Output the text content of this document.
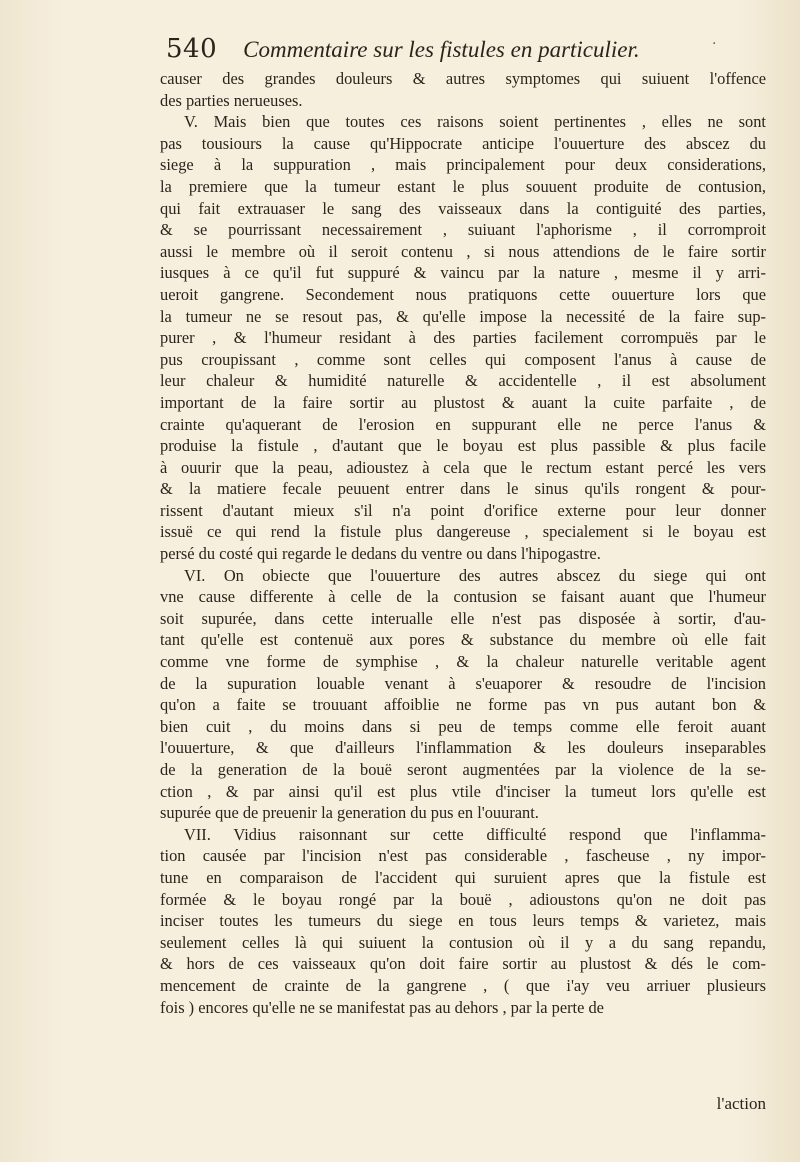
·
540 Commentaire sur les fistules en particulier.
causer des grandes douleurs & autres symptomes qui suiuent l'offence
des parties nerueuses.
V. Mais bien que toutes ces raisons soient pertinentes , elles ne sont
pas tousiours la cause qu'Hippocrate anticipe l'ouuerture des abscez du
siege à la suppuration , mais principalement pour deux considerations,
la premiere que la tumeur estant le plus souuent produite de contusion,
qui fait extrauaser le sang des vaisseaux dans la contiguité des parties,
& se pourrissant necessairement , suiuant l'aphorisme , il corromproit
aussi le membre où il seroit contenu , si nous attendions de le faire sortir
iusques à ce qu'il fut suppuré & vaincu par la nature , mesme il y arri-
ueroit gangrene. Secondement nous pratiquons cette ouuerture lors que
la tumeur ne se resout pas, & qu'elle impose la necessité de la faire sup-
purer , & l'humeur residant à des parties facilement corrompuës par le
pus croupissant , comme sont celles qui composent l'anus à cause de
leur chaleur & humidité naturelle & accidentelle , il est absolument
important de la faire sortir au plustost & auant la cuite parfaite , de
crainte qu'aquerant de l'erosion en suppurant elle ne perce l'anus &
produise la fistule , d'autant que le boyau est plus passible & plus facile
à ouurir que la peau, adioustez à cela que le rectum estant percé les vers
& la matiere fecale peuuent entrer dans le sinus qu'ils rongent & pour-
rissent d'autant mieux s'il n'a point d'orifice externe pour leur donner
issuë ce qui rend la fistule plus dangereuse , specialement si le boyau est
persé du costé qui regarde le dedans du ventre ou dans l'hipogastre.
VI. On obiecte que l'ouuerture des autres abscez du siege qui ont
vne cause differente à celle de la contusion se faisant auant que l'humeur
soit supurée, dans cette interualle elle n'est pas disposée à sortir, d'au-
tant qu'elle est contenuë aux pores & substance du membre où elle fait
comme vne forme de symphise , & la chaleur naturelle veritable agent
de la supuration louable venant à s'euaporer & resoudre de l'incision
qu'on a faite se trouuant affoiblie ne forme pas vn pus autant bon &
bien cuit , du moins dans si peu de temps comme elle feroit auant
l'ouuerture, & que d'ailleurs l'inflammation & les douleurs inseparables
de la generation de la bouë seront augmentées par la violence de la se-
ction , & par ainsi qu'il est plus vtile d'inciser la tumeut lors qu'elle est
supurée que de preuenir la generation du pus en l'ouurant.
VII. Vidius raisonnant sur cette difficulté respond que l'inflamma-
tion causée par l'incision n'est pas considerable , fascheuse , ny impor-
tune en comparaison de l'accident qui suruient apres que la fistule est
formée & le boyau rongé par la bouë , adioustons qu'on ne doit pas
inciser toutes les tumeurs du siege en tous leurs temps & varietez, mais
seulement celles là qui suiuent la contusion où il y a du sang repandu,
& hors de ces vaisseaux qu'on doit faire sortir au plustost & dés le com-
mencement de crainte de la gangrene , ( que i'ay veu arriuer plusieurs
fois ) encores qu'elle ne se manifestat pas au dehors , par la perte de
l'action
